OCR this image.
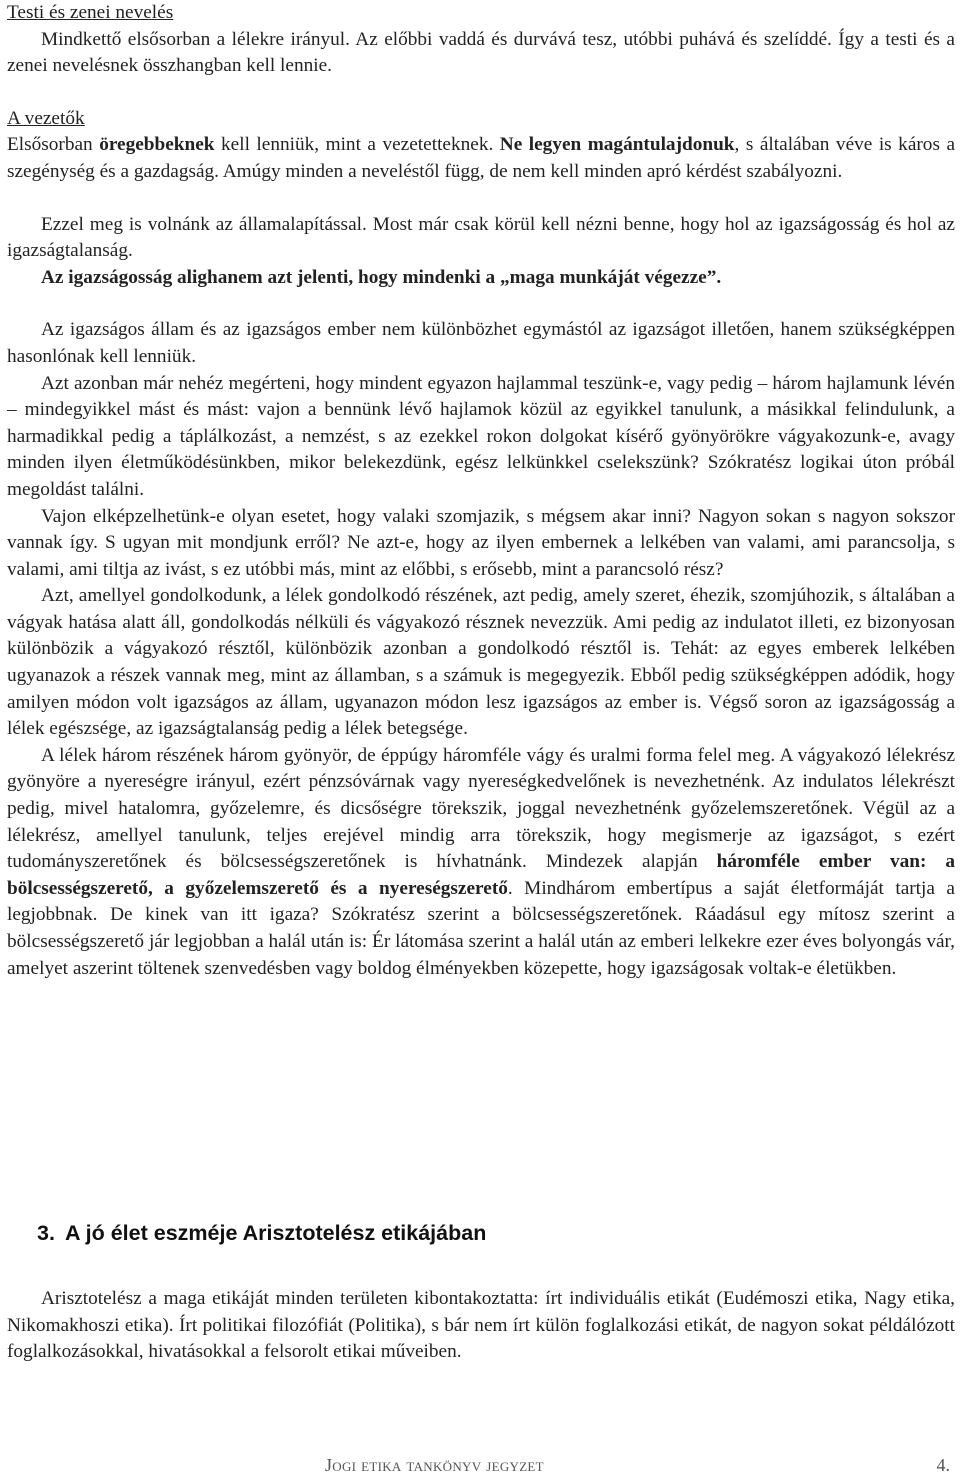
Testi és zenei nevelés

Mindkettő elsősorban a lélekre irányul. Az előbbi vaddá és durvává tesz, utóbbi puhává és szelíddé. Így a testi és a zenei nevelésnek összhangban kell lennie.

A vezetők

Elsősorban öregebbeknek kell lenniük, mint a vezetetteknek. Ne legyen magántulajdonuk, s általában véve is káros a szegénység és a gazdagság. Amúgy minden a neveléstől függ, de nem kell minden apró kérdést szabályozni.

Ezzel meg is volnánk az államalapítással. Most már csak körül kell nézni benne, hogy hol az igazságosság és hol az igazságtalanság.

Az igazságosság alighanem azt jelenti, hogy mindenki a „maga munkáját végezze”.

Az igazságos állam és az igazságos ember nem különbözhet egymástól az igazságot illetően, hanem szükségképpen hasonlónak kell lenniük.

Azt azonban már nehéz megérteni, hogy mindent egyazon hajlammal teszünk-e, vagy pedig – három hajlamunk lévén – mindegyikkel mást és mást: vajon a bennünk lévő hajlamok közül az egyikkel tanulunk, a másikkal felindulunk, a harmadikkal pedig a táplálkozást, a nemzést, s az ezekkel rokon dolgokat kísérő gyönyörökre vágyakozunk-e, avagy minden ilyen életműködésünkben, mikor belekezdünk, egész lelkünkkel cselekszünk? Szókratész logikai úton próbál megoldást találni.

Vajon elképzelhetünk-e olyan esetet, hogy valaki szomjazik, s mégsem akar inni? Nagyon sokan s nagyon sokszor vannak így. S ugyan mit mondjunk erről? Ne azt-e, hogy az ilyen embernek a lelkében van valami, ami parancsolja, s valami, ami tiltja az ivást, s ez utóbbi más, mint az előbbi, s erősebb, mint a parancsoló rész?

Azt, amellyel gondolkodunk, a lélek gondolkodó részének, azt pedig, amely szeret, éhezik, szomjúhozik, s általában a vágyak hatása alatt áll, gondolkodás nélküli és vágyakozó résznek nevezzük. Ami pedig az indulatot illeti, ez bizonyosan különbözik a vágyakozó résztől, különbözik azonban a gondolkodó résztől is. Tehát: az egyes emberek lelkében ugyanazok a részek vannak meg, mint az államban, s a számuk is megegyezik. Ebből pedig szükségképpen adódik, hogy amilyen módon volt igazságos az állam, ugyanazon módon lesz igazságos az ember is. Végső soron az igazságosság a lélek egészsége, az igazságtalanság pedig a lélek betegsége.

A lélek három részének három gyönyör, de éppúgy háromféle vágy és uralmi forma felel meg. A vágyakozó lélekrész gyönyöre a nyereségre irányul, ezért pénzsóvárnak vagy nyereségkedvelőnek is nevezhetnénk. Az indulatos lélekrészt pedig, mivel hatalomra, győzelemre, és dicsőségre törekszik, joggal nevezhetnénk győzelemszeretőnek. Végül az a lélekrész, amellyel tanulunk, teljes erejével mindig arra törekszik, hogy megismerje az igazságot, s ezért tudományszeretőnek és bölcsességszeretőnek is hívhatnánk. Mindezek alapján háromféle ember van: a bölcsességszerető, a győzelemszerető és a nyereségszerető. Mindhárom embertípus a saját életformáját tartja a legjobbnak. De kinek van itt igaza? Szókratész szerint a bölcsességszeretőnek. Ráadásul egy mítosz szerint a bölcsességszerető jár legjobban a halál után is: Ér látomása szerint a halál után az emberi lelkekre ezer éves bolyongás vár, amelyet aszerint töltenek szenvedésben vagy boldog élményekben közepette, hogy igazságosak voltak-e életükben.

3. A jó élet eszméje Arisztotelész etikájában

Arisztotelész a maga etikáját minden területen kibontakoztatta: írt individuális etikát (Eudémoszi etika, Nagy etika, Nikomakhoszi etika). Írt politikai filozófiát (Politika), s bár nem írt külön foglalkozási etikát, de nagyon sokat példálózott foglalkozásokkal, hivatásokkal a felsorolt etikai műveiben.

Jogi etika tankönyv jegyzet	4.
